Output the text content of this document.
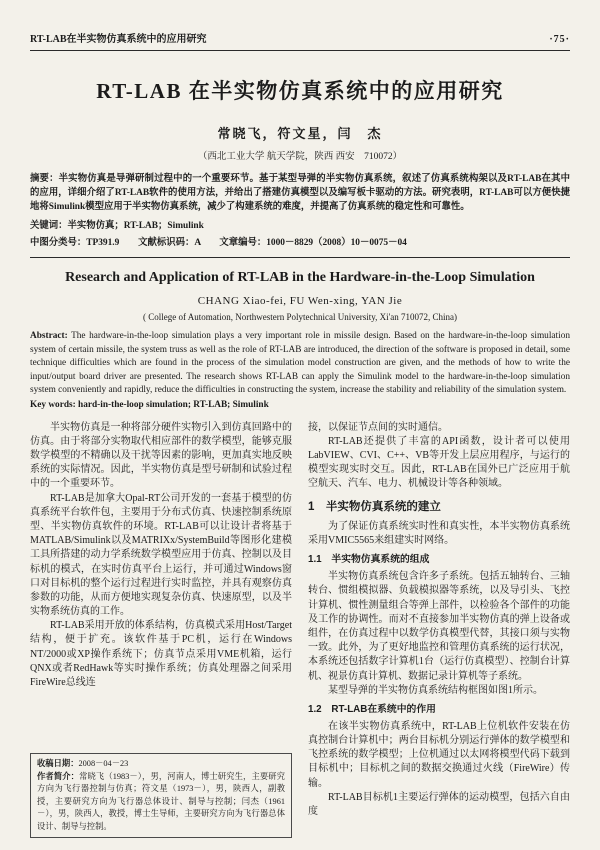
RT-LAB在半实物仿真系统中的应用研究	·75·
RT-LAB 在半实物仿真系统中的应用研究
常晓飞，符文星，闫　杰
（西北工业大学 航天学院，陕西 西安　710072）
摘要：半实物仿真是导弹研制过程中的一个重要环节。基于某型导弹的半实物仿真系统，叙述了仿真系统构架以及RT-LAB在其中的应用，详细介绍了RT-LAB软件的使用方法，并给出了搭建仿真模型以及编写板卡驱动的方法。研究表明，RT-LAB可以方便快捷地将Simulink模型应用于半实物仿真系统，减少了构建系统的难度，并提高了仿真系统的稳定性和可靠性。
关键词：半实物仿真；RT-LAB；Simulink
中图分类号：TP391.9　　文献标识码：A　　文章编号：1000－8829（2008）10－0075－04
Research and Application of RT-LAB in the Hardware-in-the-Loop Simulation
CHANG Xiao-fei, FU Wen-xing, YAN Jie
( College of Automation, Northwestern Polytechnical University, Xi'an 710072, China)
Abstract: The hardware-in-the-loop simulation plays a very important role in missile design. Based on the hardware-in-the-loop simulation system of certain missile, the system truss as well as the role of RT-LAB are introduced, the direction of the software is proposed in detail, some technique difficulties which are found in the process of the simulation model construction are given, and the methods of how to write the input/output board driver are presented. The research shows RT-LAB can apply the Simulink model to the hardware-in-the-loop simulation system conveniently and rapidly, reduce the difficulties in constructing the system, increase the stability and reliability of the simulation system.
Key words: hard-in-the-loop simulation; RT-LAB; Simulink

半实物仿真是一种将部分硬件实物引入到仿真回路中的仿真。由于将部分实物取代相应部件的数学模型，能够克服数学模型的不精确以及干扰等因素的影响，更加真实地反映系统的实际情况。因此，半实物仿真是型号研制和试验过程中的一个重要环节。

RT-LAB是加拿大Opal-RT公司开发的一套基于模型的仿真系统平台软件包，主要用于分布式仿真、快速控制系统原型、半实物仿真软件的环境。RT-LAB可以让设计者将基于MATLAB/Simulink以及MATRIXx/SystemBuild等图形化建模工具所搭建的动力学系统数学模型应用于仿真、控制以及目标机的模式，在实时仿真平台上运行，并可通过Windows窗口对目标机的整个运行过程进行实时监控，并具有观察仿真参数的功能，从而方便地实现复杂仿真、快速原型，以及半实物系统仿真的工作。

RT-LAB采用开放的体系结构，仿真模式采用Host/Target结构，便于扩充。该软件基于PC机，运行在Windows NT/2000或XP操作系统下；仿真节点采用VME机箱，运行QNX或者RedHawk等实时操作系统；仿真处理器之间采用FireWire总线连

收稿日期：2008－04－23

作者简介：常晓飞（1983－），男，河南人，博士研究生，主要研究方向为飞行器控制与仿真；符文星（1973－），男，陕西人，副教授，主要研究方向为飞行器总体设计、制导与控制；闫杰（1961－），男，陕西人，教授，博士生导师，主要研究方向为飞行器总体设计、制导与控制。

接，以保证节点间的实时通信。

RT-LAB还提供了丰富的API函数，设计者可以使用LabVIEW、CVI、C++、VB等开发上层应用程序，与运行的模型实现实时交互。因此，RT-LAB在国外已广泛应用于航空航天、汽车、电力、机械设计等各种领域。

1　半实物仿真系统的建立

为了保证仿真系统实时性和真实性，本半实物仿真系统采用VMIC5565来组建实时网络。

1.1　半实物仿真系统的组成

半实物仿真系统包含许多子系统。包括五轴转台、三轴转台、惯组模拟器、负载模拟器等系统，以及导引头、飞控计算机、惯性测量组合等弹上部件，以检验各个部件的功能及工作的协调性。而对不直接参加半实物仿真的弹上设备或组件，在仿真过程中以数学仿真模型代替，其接口须与实物一致。此外，为了更好地监控和管理仿真系统的运行状况，本系统还包括数字计算机1台（运行仿真模型）、控制台计算机、视景仿真计算机、数据记录计算机等子系统。

某型导弹的半实物仿真系统结构框图如图1所示。

1.2　RT-LAB在系统中的作用

在该半实物仿真系统中，RT-LAB上位机软件安装在仿真控制台计算机中；两台目标机分别运行弹体的数学模型和飞控系统的数学模型；上位机通过以太网将模型代码下载到目标机中；目标机之间的数据交换通过火线（FireWire）传输。

RT-LAB目标机1主要运行弹体的运动模型，包括六自由度
